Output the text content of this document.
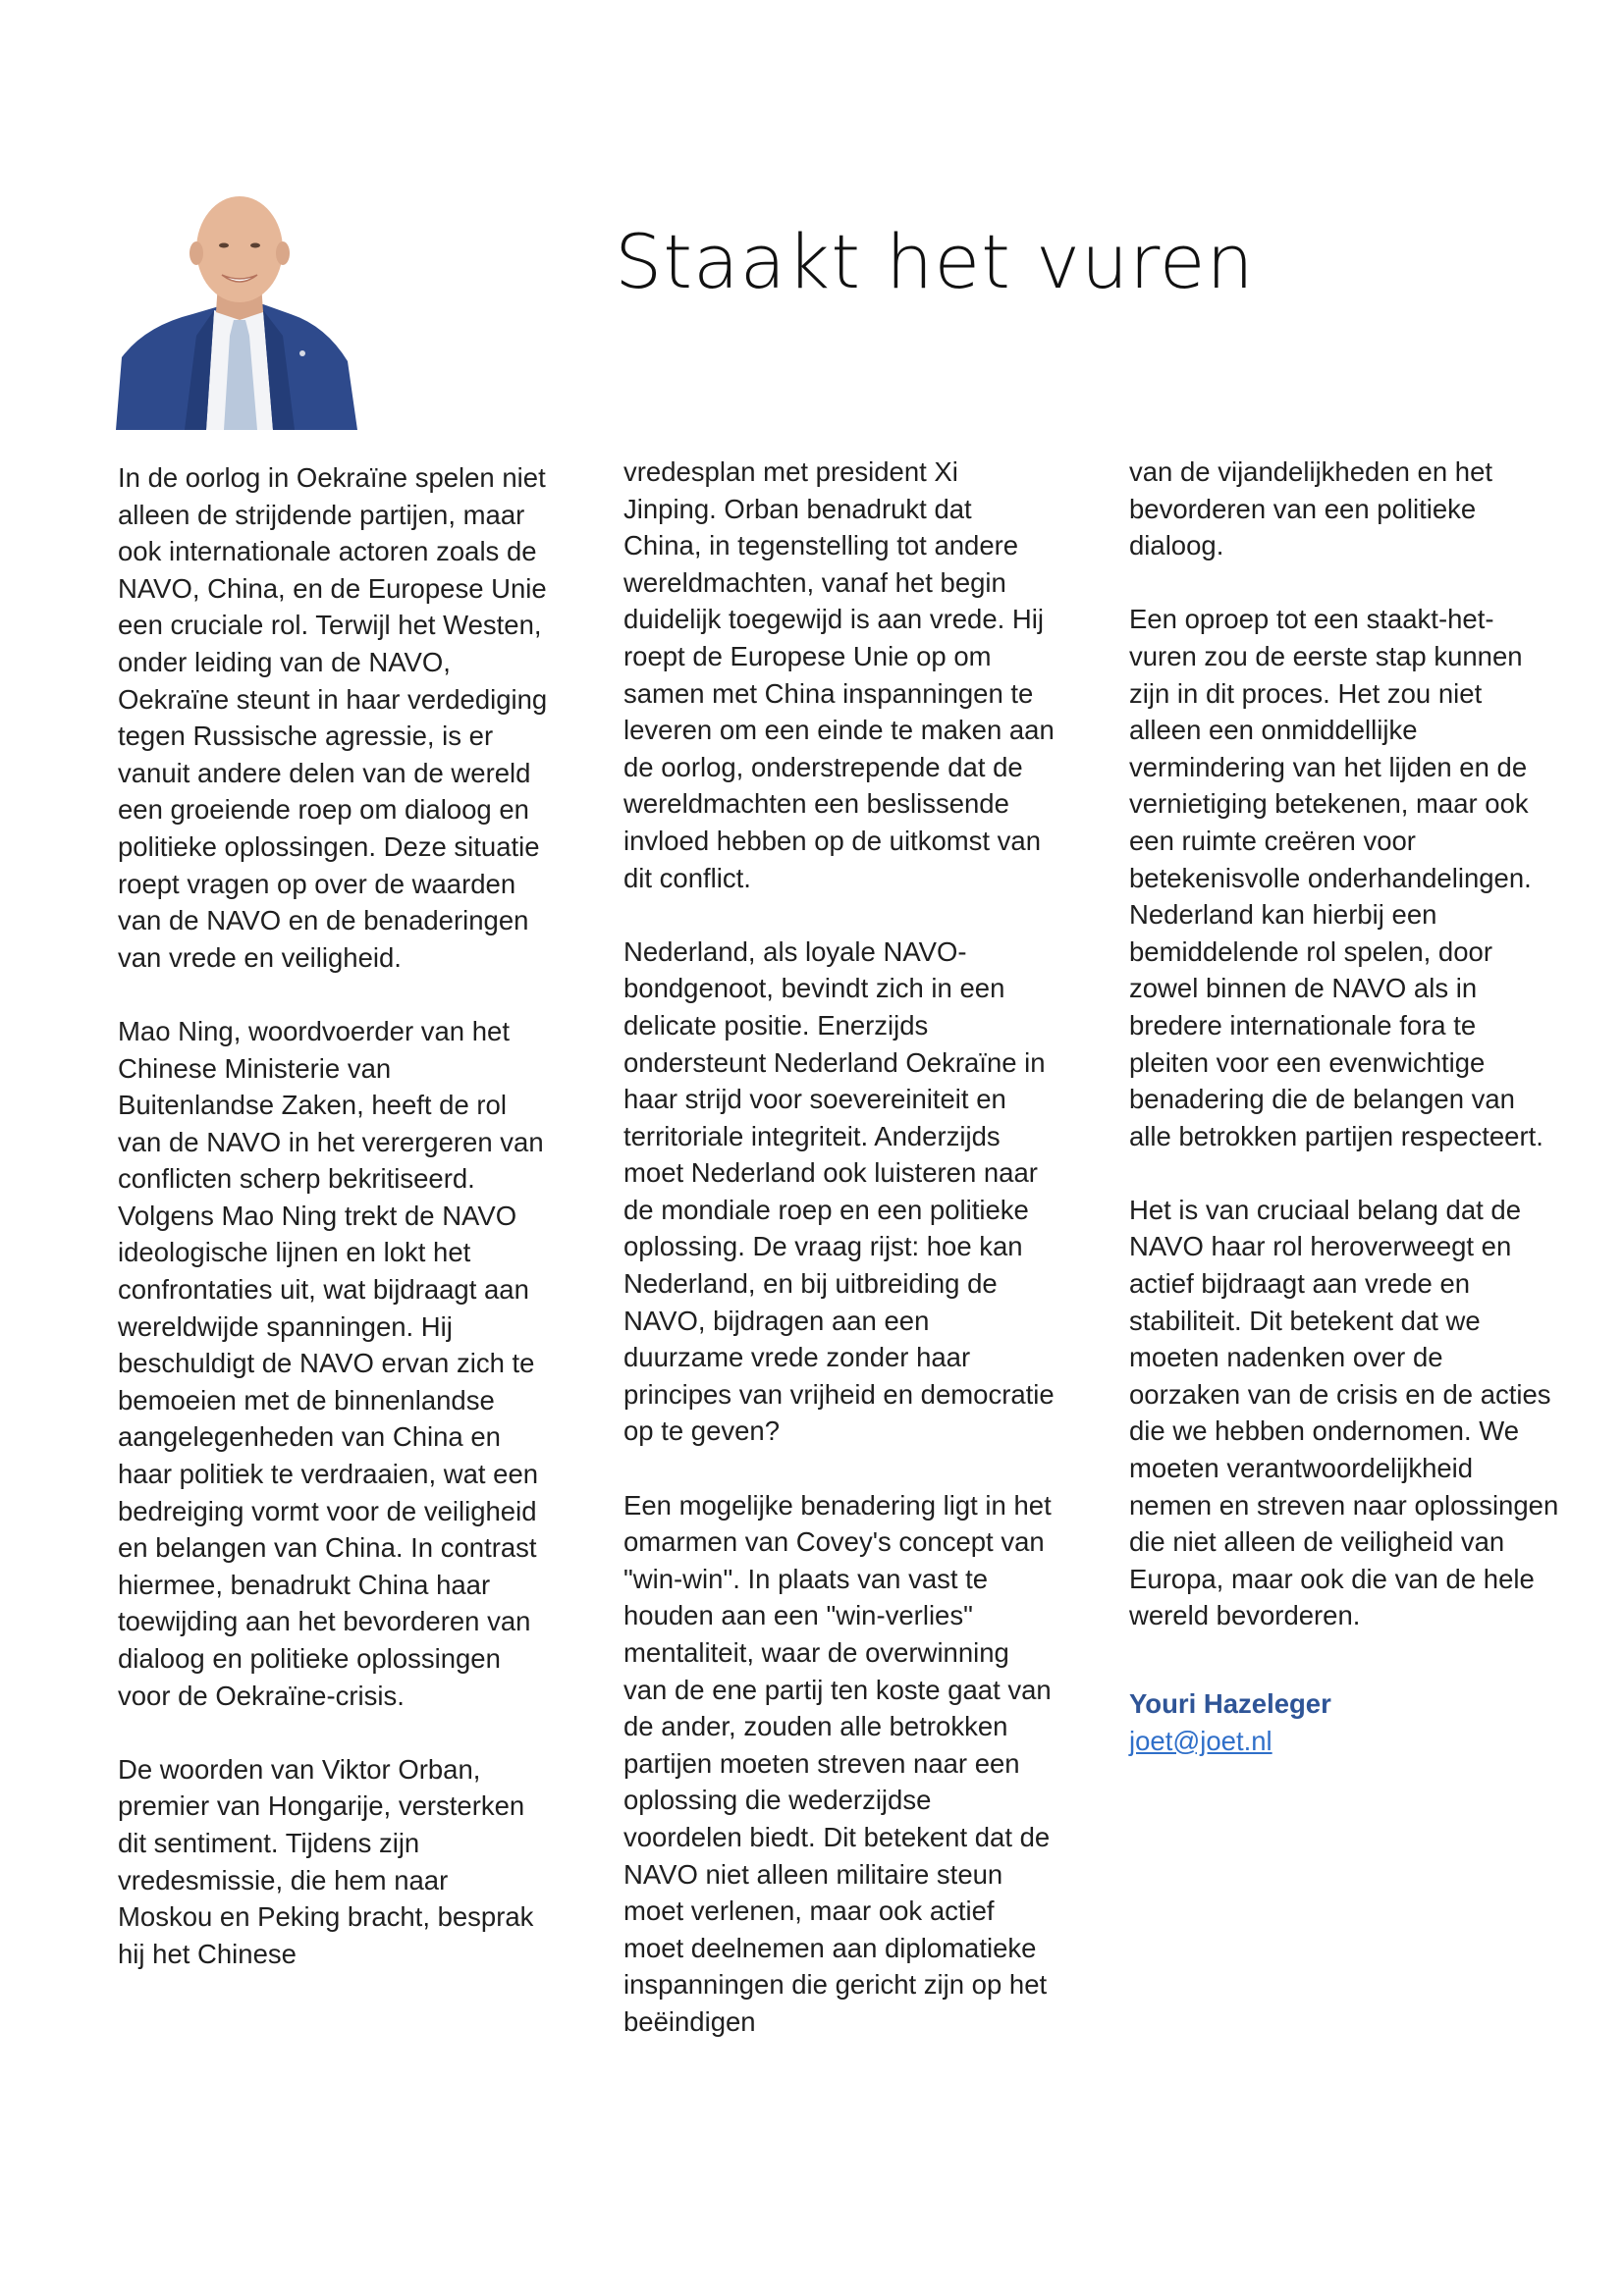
Staakt het vuren

In de oorlog in Oekraïne spelen niet alleen de strijdende partijen, maar ook internationale actoren zoals de NAVO, China, en de Europese Unie een cruciale rol. Terwijl het Westen, onder leiding van de NAVO, Oekraïne steunt in haar verdediging tegen Russische agressie, is er vanuit andere delen van de wereld een groeiende roep om dialoog en politieke oplossingen. Deze situatie roept vragen op over de waarden van de NAVO en de benaderingen van vrede en veiligheid.

Mao Ning, woordvoerder van het Chinese Ministerie van Buitenlandse Zaken, heeft de rol van de NAVO in het verergeren van conflicten scherp bekritiseerd. Volgens Mao Ning trekt de NAVO ideologische lijnen en lokt het confrontaties uit, wat bijdraagt aan wereldwijde spanningen. Hij beschuldigt de NAVO ervan zich te bemoeien met de binnenlandse aangelegenheden van China en haar politiek te verdraaien, wat een bedreiging vormt voor de veiligheid en belangen van China. In contrast hiermee, benadrukt China haar toewijding aan het bevorderen van dialoog en politieke oplossingen voor de Oekraïne-crisis.

De woorden van Viktor Orban, premier van Hongarije, versterken dit sentiment. Tijdens zijn vredesmissie, die hem naar Moskou en Peking bracht, besprak hij het Chinese

vredesplan met president Xi Jinping. Orban benadrukt dat China, in tegenstelling tot andere wereldmachten, vanaf het begin duidelijk toegewijd is aan vrede. Hij roept de Europese Unie op om samen met China inspanningen te leveren om een einde te maken aan de oorlog, onderstrepende dat de wereldmachten een beslissende invloed hebben op de uitkomst van dit conflict.

Nederland, als loyale NAVO-bondgenoot, bevindt zich in een delicate positie. Enerzijds ondersteunt Nederland Oekraïne in haar strijd voor soevereiniteit en territoriale integriteit. Anderzijds moet Nederland ook luisteren naar de mondiale roep en een politieke oplossing. De vraag rijst: hoe kan Nederland, en bij uitbreiding de NAVO, bijdragen aan een duurzame vrede zonder haar principes van vrijheid en democratie op te geven?

Een mogelijke benadering ligt in het omarmen van Covey's concept van "win-win". In plaats van vast te houden aan een "win-verlies" mentaliteit, waar de overwinning van de ene partij ten koste gaat van de ander, zouden alle betrokken partijen moeten streven naar een oplossing die wederzijdse voordelen biedt. Dit betekent dat de NAVO niet alleen militaire steun moet verlenen, maar ook actief moet deelnemen aan diplomatieke inspanningen die gericht zijn op het beëindigen

van de vijandelijkheden en het bevorderen van een politieke dialoog.

Een oproep tot een staakt-het-vuren zou de eerste stap kunnen zijn in dit proces. Het zou niet alleen een onmiddellijke vermindering van het lijden en de vernietiging betekenen, maar ook een ruimte creëren voor betekenisvolle onderhandelingen. Nederland kan hierbij een bemiddelende rol spelen, door zowel binnen de NAVO als in bredere internationale fora te pleiten voor een evenwichtige benadering die de belangen van alle betrokken partijen respecteert.

Het is van cruciaal belang dat de NAVO haar rol heroverweegt en actief bijdraagt aan vrede en stabiliteit. Dit betekent dat we moeten nadenken over de oorzaken van de crisis en de acties die we hebben ondernomen. We moeten verantwoordelijkheid nemen en streven naar oplossingen die niet alleen de veiligheid van Europa, maar ook die van de hele wereld bevorderen.

Youri Hazeleger
joet@joet.nl
